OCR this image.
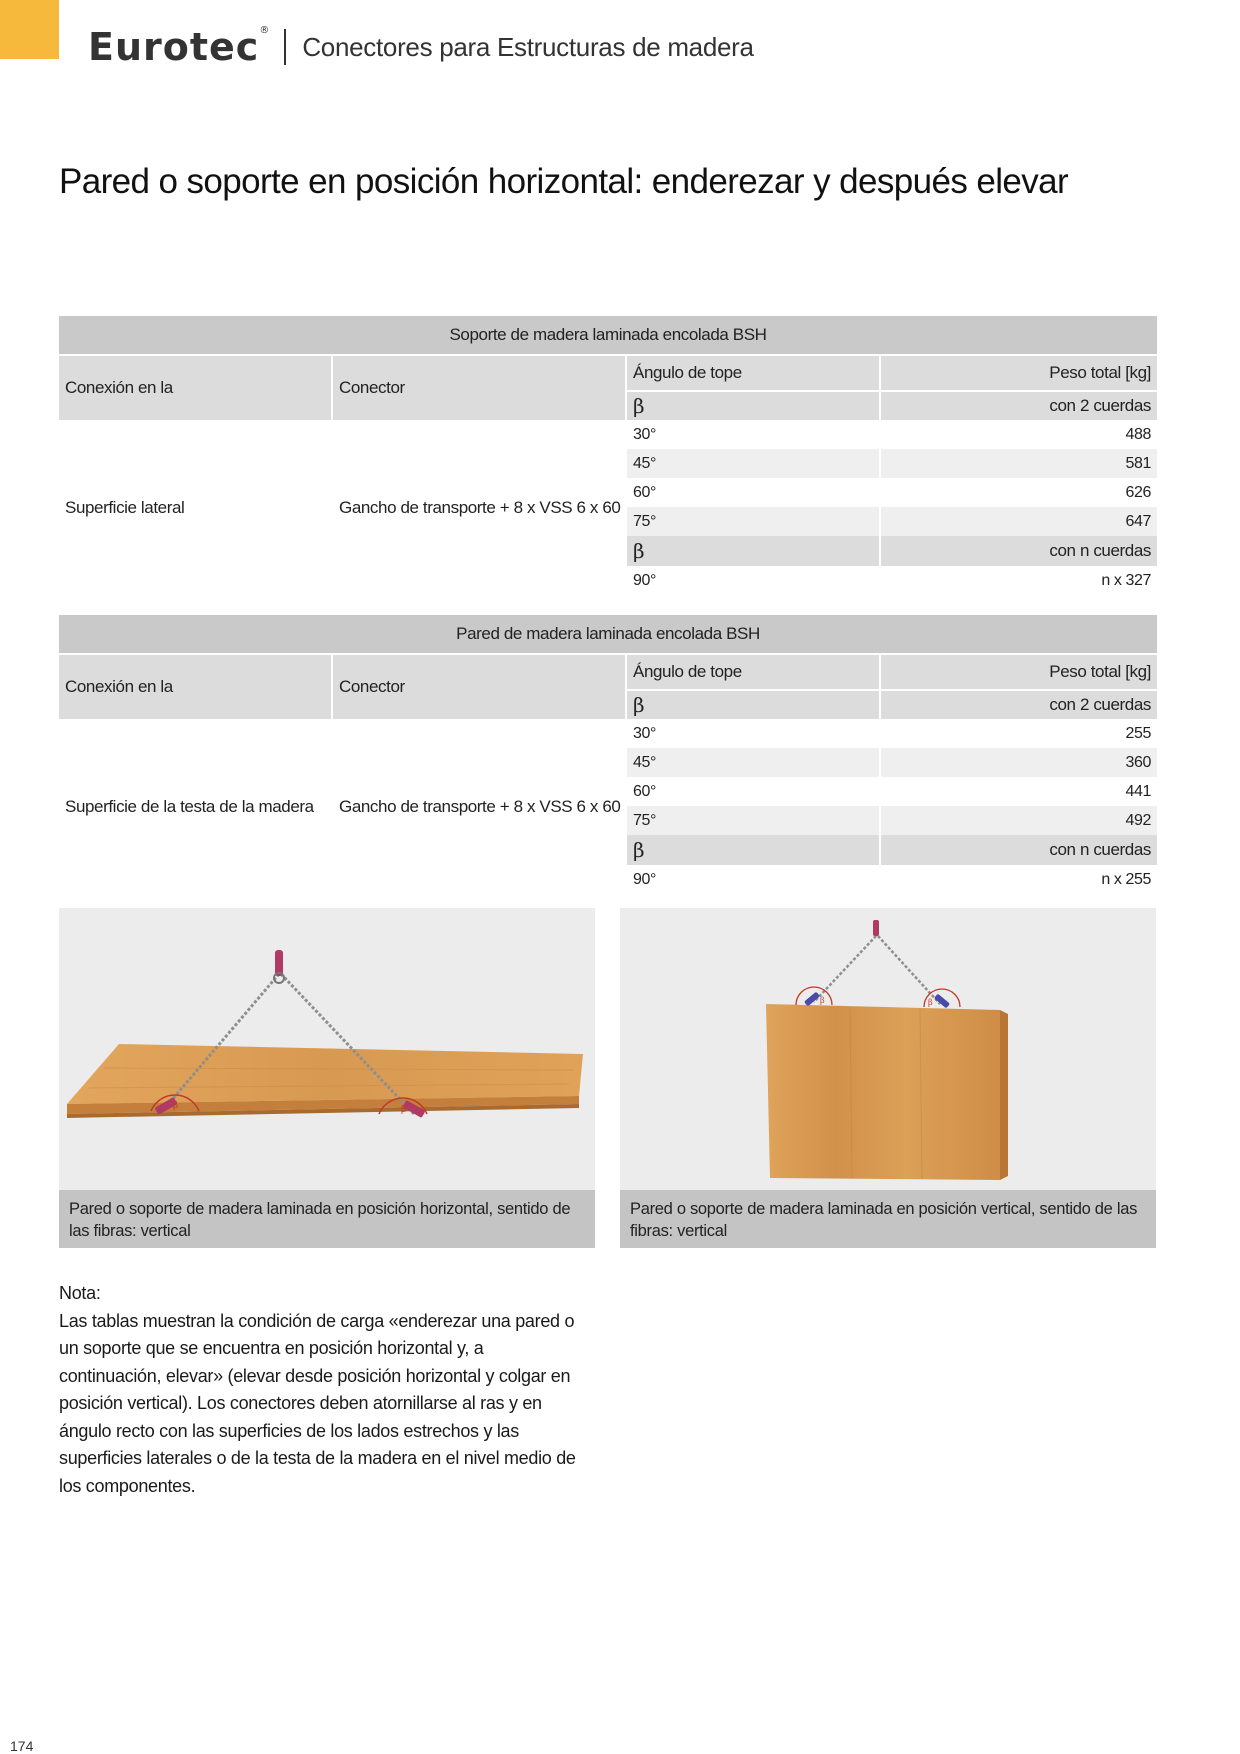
Eurotec®
Conectores para Estructuras de madera
Pared o soporte en posición horizontal: enderezar y después elevar
Soporte de madera laminada encolada BSH			
Conexión en la	Conector	Ángulo de tope	Peso total [kg]
		β	con 2 cuerdas
Superficie lateral	Gancho de transporte + 8 x VSS 6 x 60	30°	488
		45°	581
		60°	626
		75°	647
		β	con n cuerdas
		90°	n x 327
Pared de madera laminada encolada BSH			
Conexión en la	Conector	Ángulo de tope	Peso total [kg]
		β	con 2 cuerdas
Superficie de la testa de la madera	Gancho de transporte + 8 x VSS 6 x 60	30°	255
		45°	360
		60°	441
		75°	492
		β	con n cuerdas
		90°	n x 255
β	β
Pared o soporte de madera laminada en posición horizontal, sentido de las fibras: vertical
β	β
Pared o soporte de madera laminada en posición vertical, sentido de las fibras: vertical

Nota:

Las tablas muestran la condición de carga «enderezar una pared o un soporte que se encuentra en posición horizontal y, a continuación, elevar» (elevar desde posición horizontal y colgar en posición vertical). Los conectores deben atornillarse al ras y en ángulo recto con las superficies de los lados estrechos y las superficies laterales o de la testa de la madera en el nivel medio de los componentes.

174
